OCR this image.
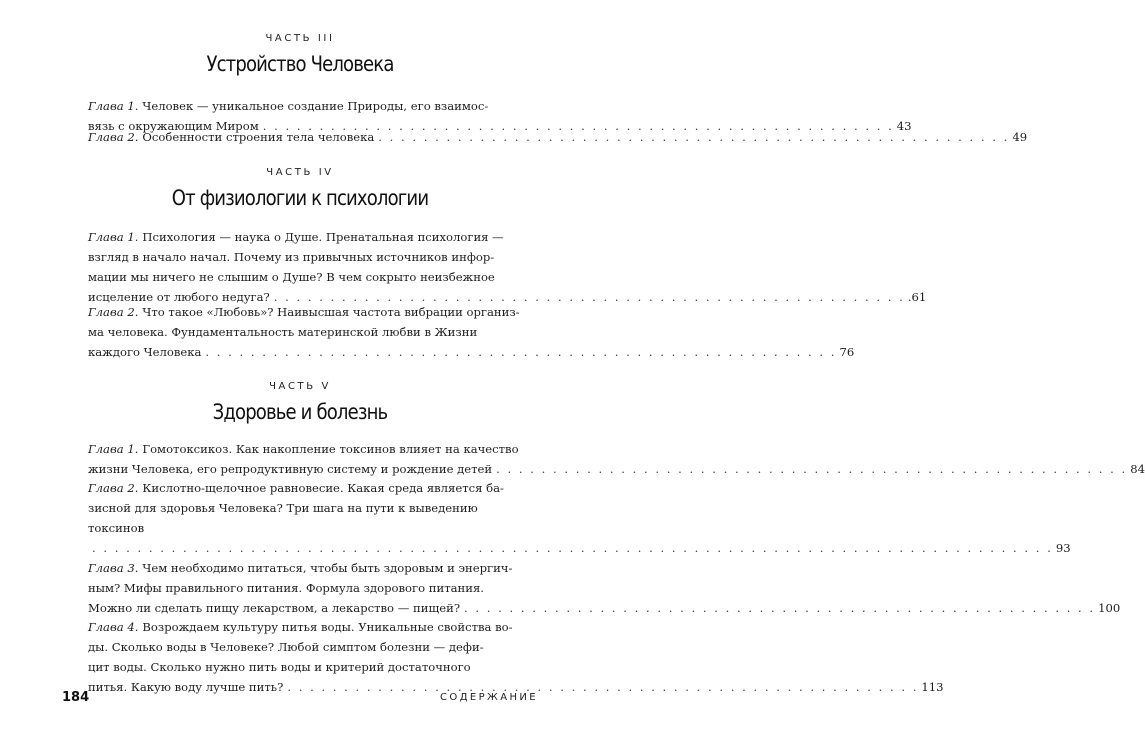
ЧАСТЬ III
Устройство Человека
Глава 1. Человек — уникальное создание Природы, его взаимос-
вязь с окружающим Миром . . . . . . . . . . . . . . . . . . . . . . . . . . . . . . . . . . . . . . . . . . . . . . . . . . . . . . . . 43
Глава 2. Особенности строения тела человека . . . . . . . . . . . . . . . . . . . . . . . . . . . . . . . . . . . . . . . . . . . . . . . . . . . . . . . . 49
ЧАСТЬ IV
От физиологии к психологии
Глава 1. Психология — наука о Душе. Пренатальная психология —
взгляд в начало начал. Почему из привычных источников инфор-
мации мы ничего не слышим о Душе? В чем сокрыто неизбежное
исцеление от любого недуга? . . . . . . . . . . . . . . . . . . . . . . . . . . . . . . . . . . . . . . . . . . . . . . . . . . . . . . . . .61
Глава 2. Что такое «Любовь»? Наивысшая частота вибрации организ-
ма человека. Фундаментальность материнской любви в Жизни
каждого Человека . . . . . . . . . . . . . . . . . . . . . . . . . . . . . . . . . . . . . . . . . . . . . . . . . . . . . . . . 76
ЧАСТЬ V
Здоровье и болезнь
Глава 1. Гомотоксикоз. Как накопление токсинов влияет на качество
жизни Человека, его репродуктивную систему и рождение детей . . . . . . . . . . . . . . . . . . . . . . . . . . . . . . . . . . . . . . . . . . . . . . . . . . . . . . . . 84
Глава 2. Кислотно-щелочное равновесие. Какая среда является ба-
зисной для здоровья Человека? Три шага на пути к выведению
токсинов
. . . . . . . . . . . . . . . . . . . . . . . . . . . . . . . . . . . . . . . . . . . . . . . . . . . . . . . . . . . . . . . . . . . . . . . . . . . . . . . . . . . . . 93
Глава 3. Чем необходимо питаться, чтобы быть здоровым и энергич-
ным? Мифы правильного питания. Формула здорового питания.
Можно ли сделать пищу лекарством, а лекарство — пищей? . . . . . . . . . . . . . . . . . . . . . . . . . . . . . . . . . . . . . . . . . . . . . . . . . . . . . . . . 100
Глава 4. Возрождаем культуру питья воды. Уникальные свойства во-
ды. Сколько воды в Человеке? Любой симптом болезни — дефи-
цит воды. Сколько нужно пить воды и критерий достаточного
питья. Какую воду лучше пить? . . . . . . . . . . . . . . . . . . . . . . . . . . . . . . . . . . . . . . . . . . . . . . . . . . . . . . . . 113
184	СОДЕРЖАНИЕ
